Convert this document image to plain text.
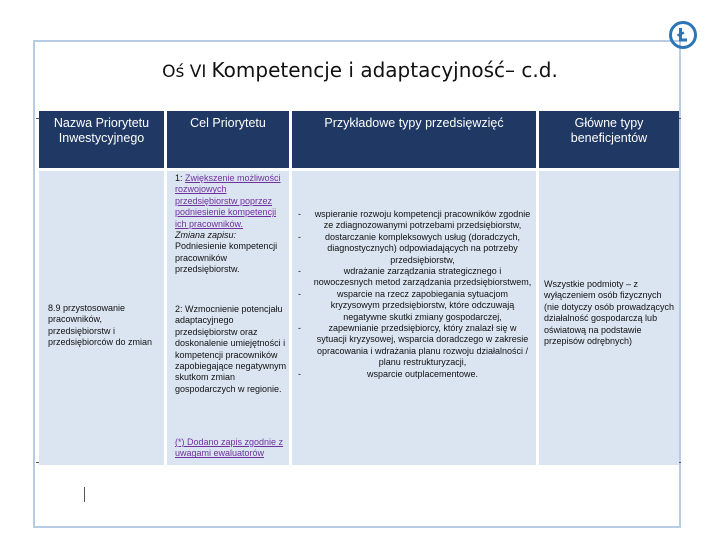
Oś VI Kompetencje i adaptacyjność– c.d.
Nazwa Priorytetu Inwestycyjnego
Cel Priorytetu	Przykładowe typy przedsięwzięć	Główne typy beneficjentów
8.9 przystosowanie pracowników, przedsiębiorstw i przedsiębiorców do zmian
1: Zwiększenie możliwości rozwojowych przedsiębiorstw poprzez podniesienie kompetencji ich pracowników.
Zmiana zapisu:
Podniesienie kompetencji pracowników przedsiębiorstw.
2: Wzmocnienie potencjału adaptacyjnego przedsiębiorstw oraz doskonalenie umiejętności i kompetencji pracowników zapobiegające negatywnym skutkom zmian gospodarczych w regionie.
(*) Dodano zapis zgodnie z uwagami ewaluatorów
- wspieranie rozwoju kompetencji pracowników zgodnie ze zdiagnozowanymi potrzebami przedsiębiorstw,
- dostarczanie kompleksowych usług (doradczych, diagnostycznych) odpowiadających na potrzeby przedsiębiorstw,
- wdrażanie zarządzania strategicznego i nowoczesnych metod zarządzania przedsiębiorstwem,
- wsparcie na rzecz zapobiegania sytuacjom kryzysowym przedsiębiorstw, które odczuwają negatywne skutki zmiany gospodarczej,
- zapewnianie przedsiębiorcy, który znalazł się w sytuacji kryzysowej, wsparcia doradczego w zakresie opracowania i wdrażania planu rozwoju działalności / planu restrukturyzacji,
- wsparcie outplacementowe.
Wszystkie podmioty – z wyłączeniem osób fizycznych (nie dotyczy osób prowadzących działalność gospodarczą lub oświatową na podstawie przepisów odrębnych)
